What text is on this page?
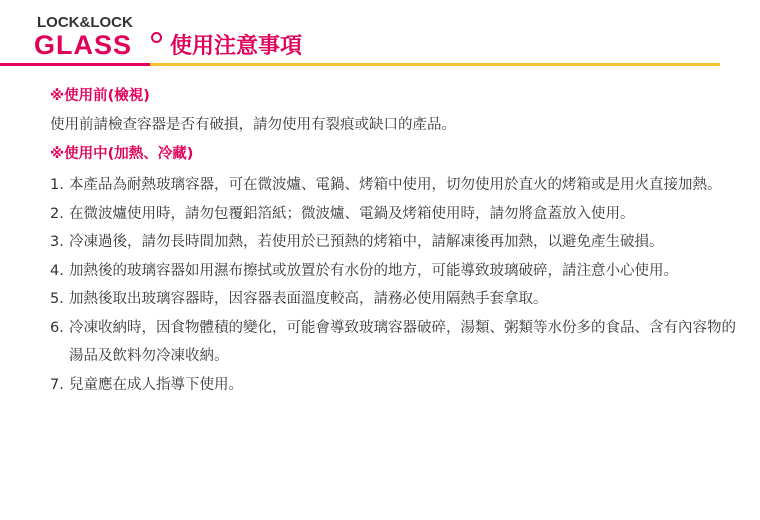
LOCK&LOCK
GLASS 使用注意事項
※使用前(檢視)
使用前請檢查容器是否有破損，請勿使用有裂痕或缺口的產品。
※使用中(加熱、冷藏)
1. 本產品為耐熱玻璃容器，可在微波爐、電鍋、烤箱中使用，切勿使用於直火的烤箱或是用火直接加熱。
2. 在微波爐使用時，請勿包覆鋁箔紙；微波爐、電鍋及烤箱使用時，請勿將盒蓋放入使用。
3. 冷凍過後，請勿長時間加熱，若使用於已預熱的烤箱中，請解凍後再加熱，以避免產生破損。
4. 加熱後的玻璃容器如用濕布擦拭或放置於有水份的地方，可能導致玻璃破碎，請注意小心使用。
5. 加熱後取出玻璃容器時，因容器表面溫度較高，請務必使用隔熱手套拿取。
6. 冷凍收納時，因食物體積的變化，可能會導致玻璃容器破碎，湯類、粥類等水份多的食品、含有內容物的湯品及飲料勿冷凍收納。
7. 兒童應在成人指導下使用。
